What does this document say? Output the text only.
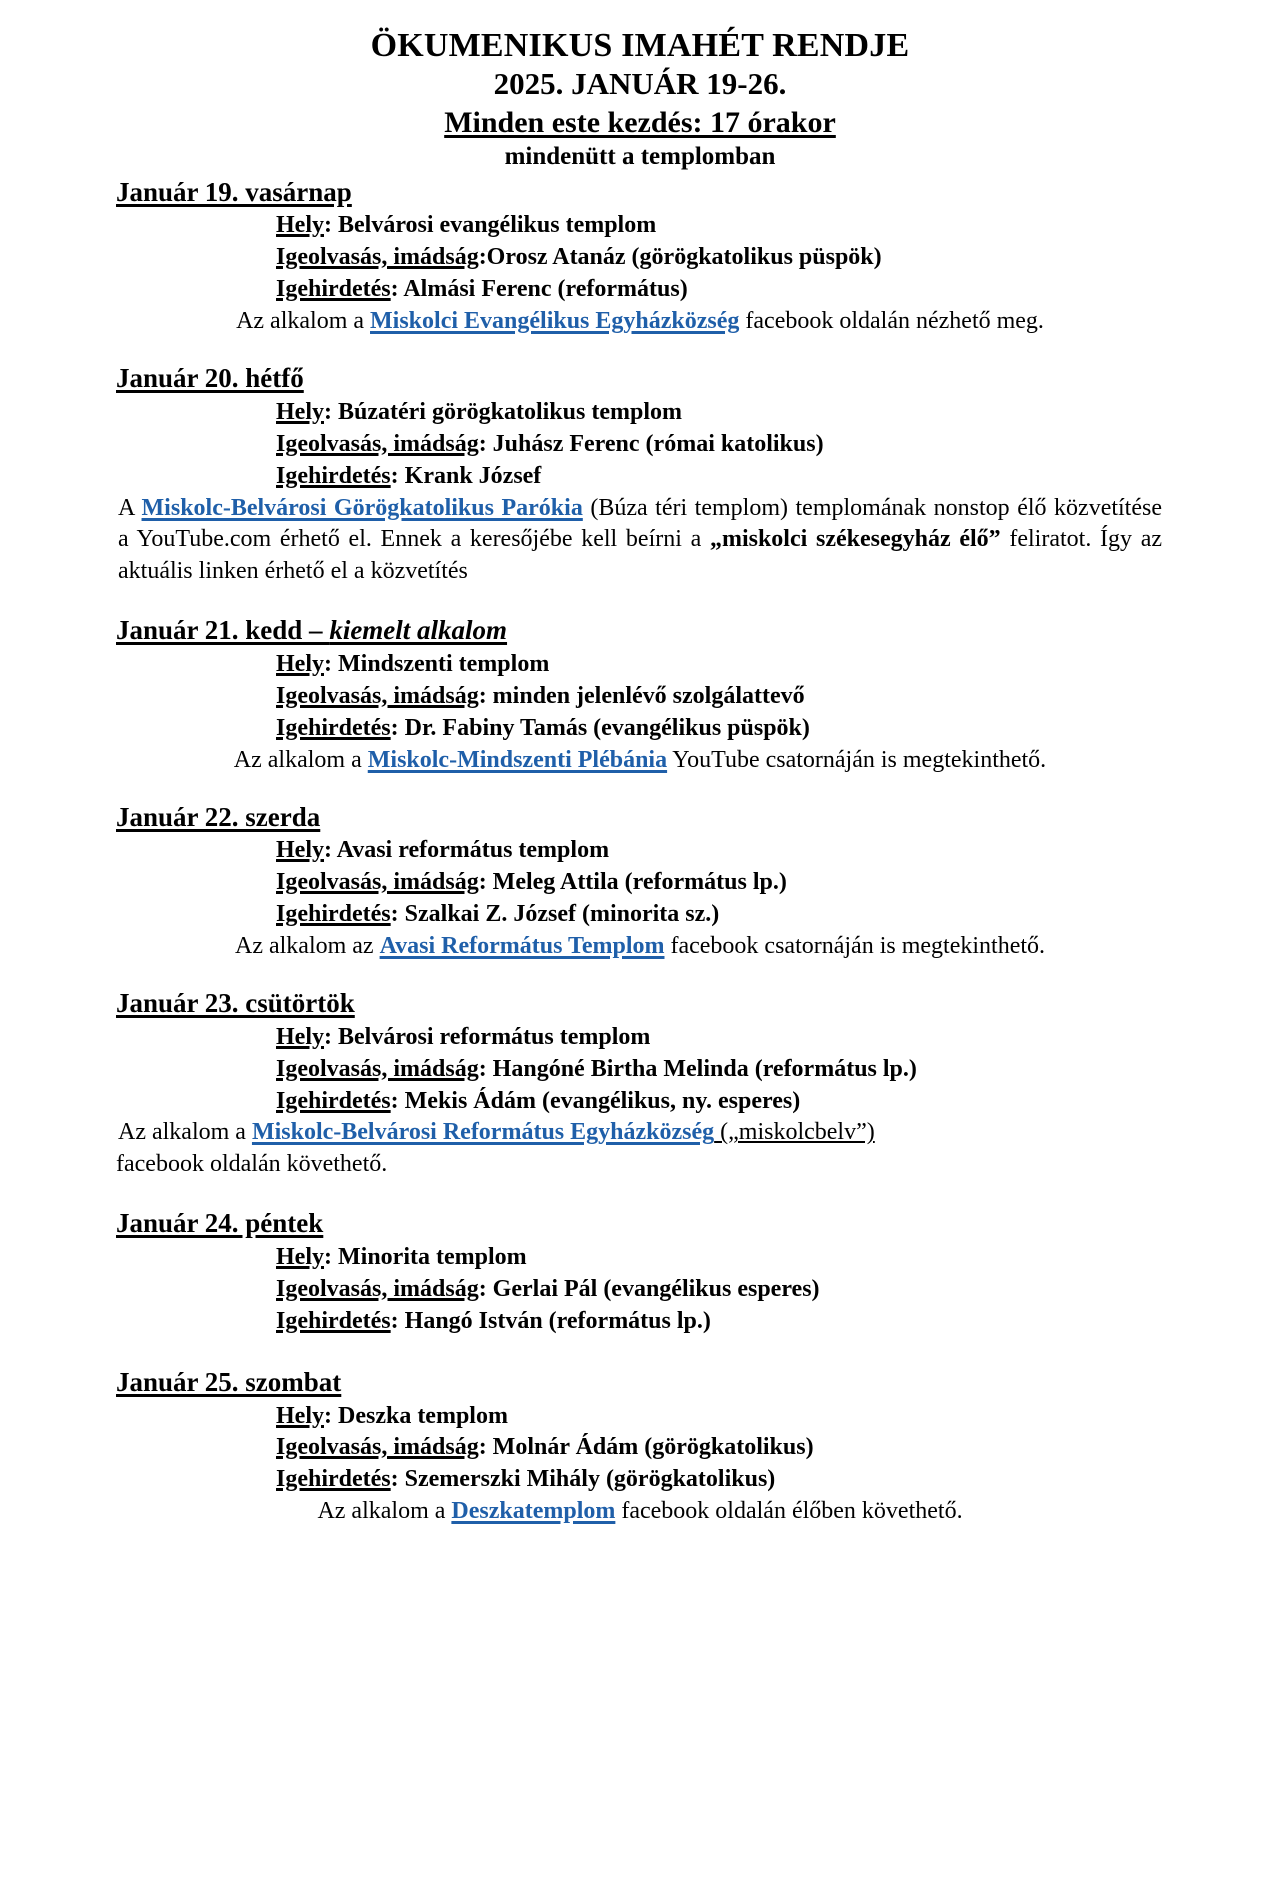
ÖKUMENIKUS IMAHÉT RENDJE
2025. JANUÁR 19-26.
Minden este kezdés: 17 órakor
mindenütt a templomban
Január 19. vasárnap
Hely: Belvárosi evangélikus templom
Igeolvasás, imádság:Orosz Atanáz (görögkatolikus püspök)
Igehirdetés: Almási Ferenc (református)

Az alkalom a Miskolci Evangélikus Egyházközség facebook oldalán nézhető meg.

Január 20. hétfő
Hely: Búzatéri görögkatolikus templom
Igeolvasás, imádság: Juhász Ferenc (római katolikus)
Igehirdetés: Krank József

A Miskolc-Belvárosi Görögkatolikus Parókia (Búza téri templom) templomának nonstop élő közvetítése a YouTube.com érhető el. Ennek a keresőjébe kell beírni a „miskolci székesegyház élő” feliratot. Így az aktuális linken érhető el a közvetítés

Január 21. kedd – kiemelt alkalom
Hely: Mindszenti templom
Igeolvasás, imádság: minden jelenlévő szolgálattevő
Igehirdetés: Dr. Fabiny Tamás (evangélikus püspök)

Az alkalom a Miskolc-Mindszenti Plébánia YouTube csatornáján is megtekinthető.

Január 22. szerda
Hely: Avasi református templom
Igeolvasás, imádság: Meleg Attila (református lp.)
Igehirdetés: Szalkai Z. József (minorita sz.)

Az alkalom az Avasi Református Templom facebook csatornáján is megtekinthető.

Január 23. csütörtök
Hely: Belvárosi református templom
Igeolvasás, imádság: Hangóné Birtha Melinda (református lp.)
Igehirdetés: Mekis Ádám (evangélikus, ny. esperes)

Az alkalom a Miskolc-Belvárosi Református Egyházközség („miskolcbelv”)

facebook oldalán követhető.

Január 24. péntek
Hely: Minorita templom
Igeolvasás, imádság: Gerlai Pál (evangélikus esperes)
Igehirdetés: Hangó István (református lp.)
Január 25. szombat
Hely: Deszka templom
Igeolvasás, imádság: Molnár Ádám (görögkatolikus)
Igehirdetés: Szemerszki Mihály (görögkatolikus)

Az alkalom a Deszkatemplom facebook oldalán élőben követhető.
